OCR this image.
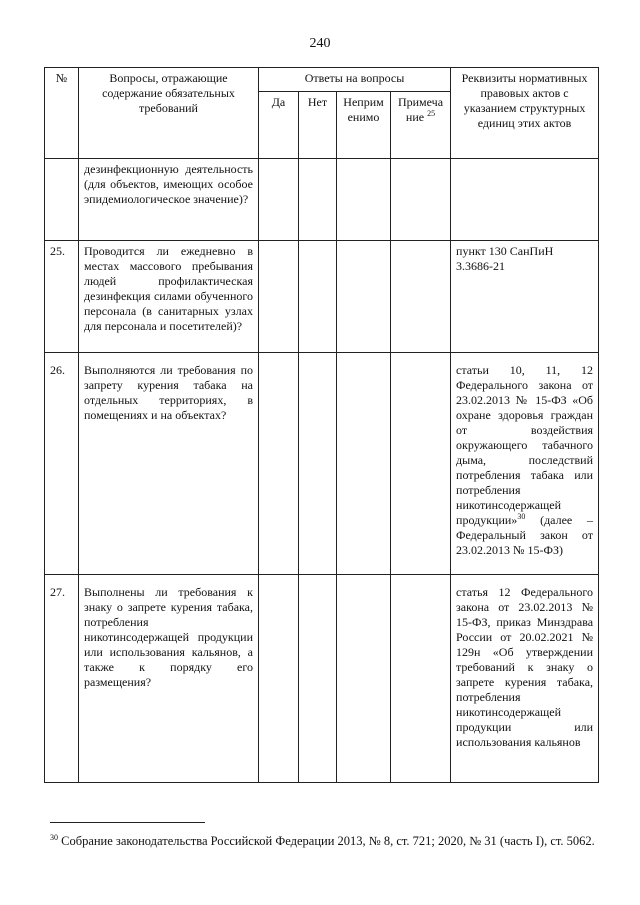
240
№	Вопросы, отражающие содержание обязательных требований	Ответы на вопросы				Реквизиты нормативных правовых актов с указанием структурных единиц этих актов
		Да	Нет	Неприменимо	Примечание $^{25}$
	дезинфекционную деятельность (для объектов, имеющих особое эпидемиологическое значение)?					
25.	Проводится ли ежедневно в местах массового пребывания людей профилактическая дезинфекция силами обученного персонала (в санитарных узлах для персонала и посетителей)?					пункт 130 СанПиН 3.3686-21
26.	Выполняются ли требования по запрету курения табака на отдельных территориях, в помещениях и на объектах?					статьи 10, 11, 12 Федерального закона от 23.02.2013 № 15-ФЗ «Об охране здоровья граждан от воздействия окружающего табачного дыма, последствий потребления табака или потребления никотинсодержащей продукции»$^{30}$ (далее – Федеральный закон от 23.02.2013 № 15-ФЗ)
27.	Выполнены ли требования к знаку о запрете курения табака, потребления никотинсодержащей продукции или использования кальянов, а также к порядку его размещения?					статья 12 Федерального закона от 23.02.2013 № 15-ФЗ, приказ Минздрава России от 20.02.2021 № 129н «Об утверждении требований к знаку о запрете курения табака, потребления никотинсодержащей продукции или использования кальянов
$^{30}$ Собрание законодательства Российской Федерации 2013, № 8, ст. 721; 2020, № 31 (часть I), ст. 5062.
